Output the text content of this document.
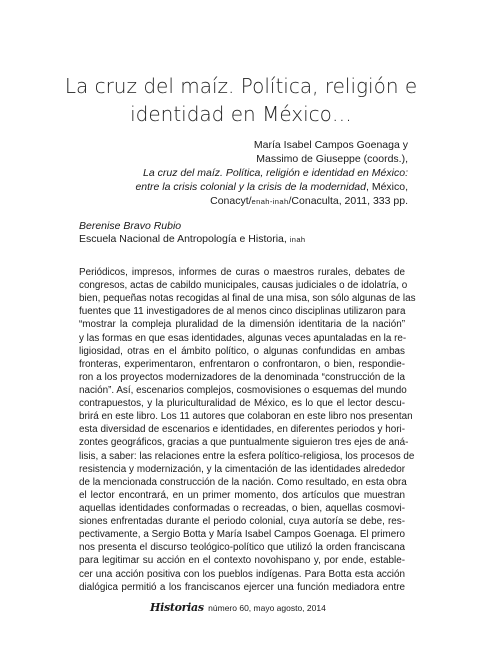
La cruz del maíz. Política, religión e
identidad en México…
María Isabel Campos Goenaga y
Massimo de Giuseppe (coords.),
La cruz del maíz. Política, religión e identidad en México:
entre la crisis colonial y la crisis de la modernidad, México,
Conacyt/enah-inah/Conaculta, 2011, 333 pp.
Berenise Bravo Rubio
Escuela Nacional de Antropología e Historia, inah
Periódicos, impresos, informes de curas o maestros rurales, debates de
congresos, actas de cabildo municipales, causas judiciales o de idolatría, o
bien, pequeñas notas recogidas al final de una misa, son sólo algunas de las
fuentes que 11 investigadores de al menos cinco disciplinas utilizaron para
“mostrar la compleja pluralidad de la dimensión identitaria de la nación”
y las formas en que esas identidades, algunas veces apuntaladas en la re-
ligiosidad, otras en el ámbito político, o algunas confundidas en ambas
fronteras, experimentaron, enfrentaron o confrontaron, o bien, respondie-
ron a los proyectos modernizadores de la denominada “construcción de la
nación”. Así, escenarios complejos, cosmovisiones o esquemas del mundo
contrapuestos, y la pluriculturalidad de México, es lo que el lector descu-
brirá en este libro. Los 11 autores que colaboran en este libro nos presentan
esta diversidad de escenarios e identidades, en diferentes periodos y hori-
zontes geográficos, gracias a que puntualmente siguieron tres ejes de aná-
lisis, a saber: las relaciones entre la esfera político-religiosa, los procesos de
resistencia y modernización, y la cimentación de las identidades alrededor
de la mencionada construcción de la nación. Como resultado, en esta obra
el lector encontrará, en un primer momento, dos artículos que muestran
aquellas identidades conformadas o recreadas, o bien, aquellas cosmovi-
siones enfrentadas durante el periodo colonial, cuya autoría se debe, res-
pectivamente, a Sergio Botta y María Isabel Campos Goenaga. El primero
nos presenta el discurso teológico-político que utilizó la orden franciscana
para legitimar su acción en el contexto novohispano y, por ende, estable-
cer una acción positiva con los pueblos indígenas. Para Botta esta acción
dialógica permitió a los franciscanos ejercer una función mediadora entre
Historias número 60, mayo agosto, 2014
